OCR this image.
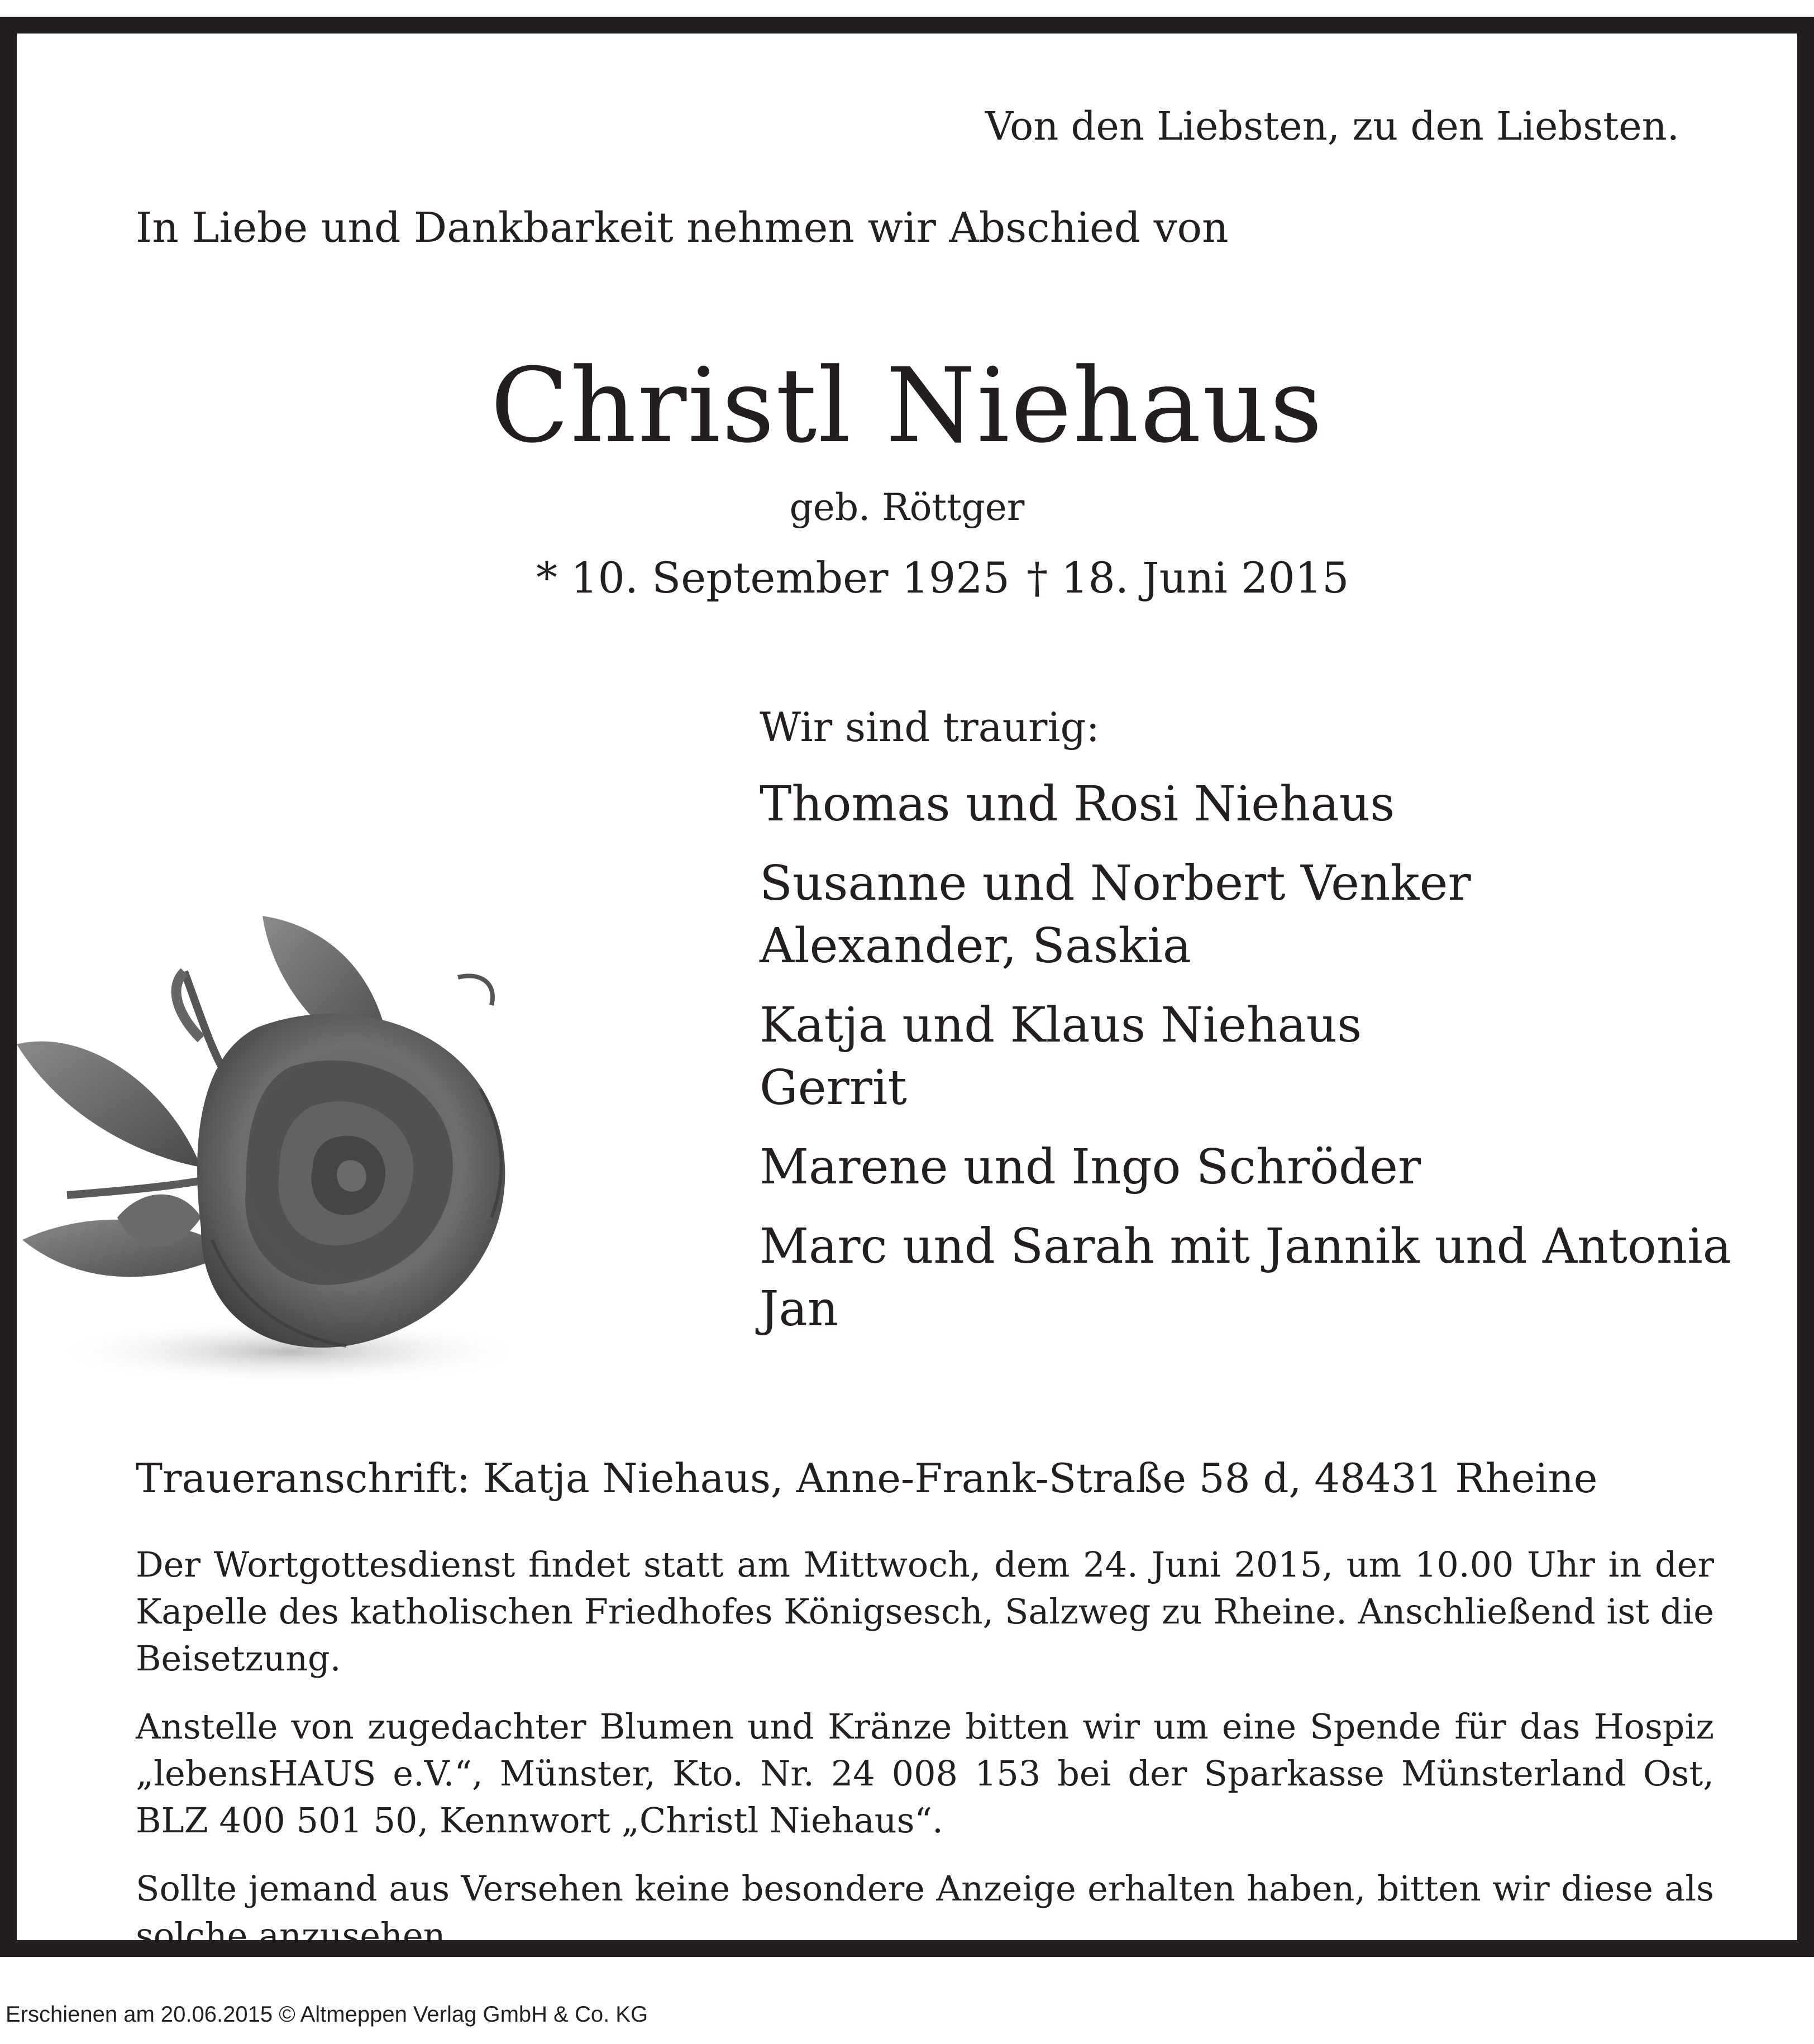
Von den Liebsten, zu den Liebsten.
In Liebe und Dankbarkeit nehmen wir Abschied von
Christl Niehaus
geb. Röttger
* 10. September 1925 † 18. Juni 2015
Wir sind traurig:
Thomas und Rosi Niehaus
Susanne und Norbert Venker
Alexander, Saskia
Katja und Klaus Niehaus
Gerrit
Marene und Ingo Schröder
Marc und Sarah mit Jannik und Antonia
Jan
Traueranschrift: Katja Niehaus, Anne-Frank-Straße 58 d, 48431 Rheine
Der Wortgottesdienst findet statt am Mittwoch, dem 24. Juni 2015, um 10.00 Uhr in der Kapelle des katholischen Friedhofes Königsesch, Salzweg zu Rheine. Anschließend ist die Beisetzung.
Anstelle von zugedachter Blumen und Kränze bitten wir um eine Spende für das Hospiz „lebensHAUS e.V.“, Münster, Kto. Nr. 24 008 153 bei der Sparkasse Münsterland Ost, BLZ 400 501 50, Kennwort „Christl Niehaus“.
Sollte jemand aus Versehen keine besondere Anzeige erhalten haben, bitten wir diese als solche anzusehen.
Erschienen am 20.06.2015 © Altmeppen Verlag GmbH & Co. KG
